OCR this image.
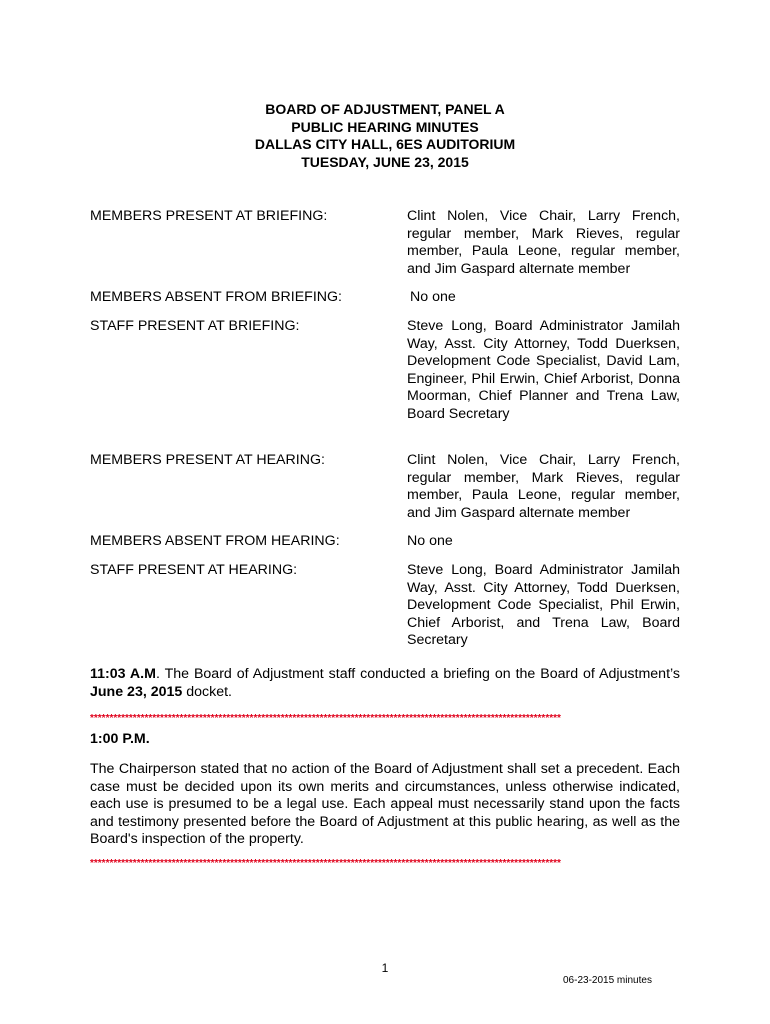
BOARD OF ADJUSTMENT, PANEL A
PUBLIC HEARING MINUTES
DALLAS CITY HALL, 6ES AUDITORIUM
TUESDAY, JUNE 23, 2015
MEMBERS PRESENT AT BRIEFING:	Clint Nolen, Vice Chair, Larry French, regular member, Mark Rieves, regular member, Paula Leone, regular member, and Jim Gaspard alternate member
MEMBERS ABSENT FROM BRIEFING:	No one
STAFF PRESENT AT BRIEFING:	Steve Long, Board Administrator Jamilah Way, Asst. City Attorney, Todd Duerksen, Development Code Specialist, David Lam, Engineer, Phil Erwin, Chief Arborist, Donna Moorman, Chief Planner and Trena Law, Board Secretary
MEMBERS PRESENT AT HEARING:	Clint Nolen, Vice Chair, Larry French, regular member, Mark Rieves, regular member, Paula Leone, regular member, and Jim Gaspard alternate member
MEMBERS ABSENT FROM HEARING:	No one
STAFF PRESENT AT HEARING:	Steve Long, Board Administrator Jamilah Way, Asst. City Attorney, Todd Duerksen, Development Code Specialist, Phil Erwin, Chief Arborist, and Trena Law, Board Secretary
11:03 A.M. The Board of Adjustment staff conducted a briefing on the Board of Adjustment’s June 23, 2015 docket.
*************************************************************************************************************************
1:00 P.M.
The Chairperson stated that no action of the Board of Adjustment shall set a precedent. Each case must be decided upon its own merits and circumstances, unless otherwise indicated, each use is presumed to be a legal use. Each appeal must necessarily stand upon the facts and testimony presented before the Board of Adjustment at this public hearing, as well as the Board's inspection of the property.
*************************************************************************************************************************
1
06-23-2015 minutes
